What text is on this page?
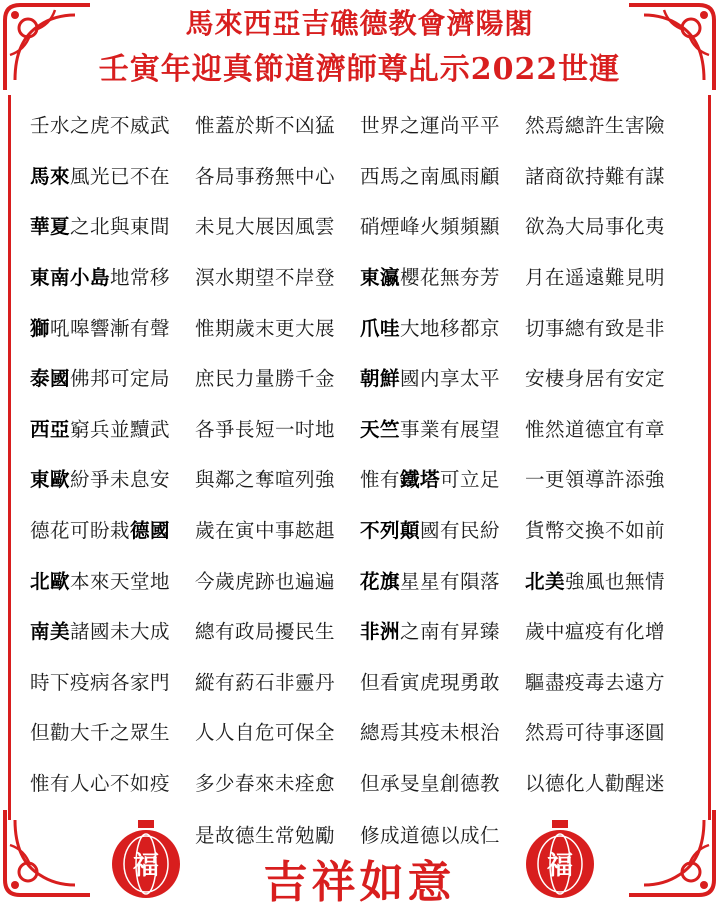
馬來西亞吉礁德教會濟陽閣
壬寅年迎真節道濟師尊乩示2022世運
壬水之虎不威武	惟蓋於斯不凶猛	世界之運尚平平	然焉總許生害險
馬來風光已不在	各局事務無中心	西馬之南風雨顧	諸商欲持難有謀
華夏之北與東間	未見大展因風雲	硝煙峰火頻頻顯	欲為大局事化夷
東南小島地常移	溟水期望不岸登	東瀛櫻花無夯芳	月在遥遠難見明
獅吼嗥響漸有聲	惟期歲末更大展	爪哇大地移都京	切事總有致是非
泰國佛邦可定局	庶民力量勝千金	朝鮮國内享太平	安棲身居有安定
西亞窮兵並黷武	各爭長短一吋地	天竺事業有展望	惟然道德宜有章
東歐紛爭未息安	與鄰之奪喧列強	惟有鐵塔可立足	一更領導許添強
德花可盼栽德國	歲在寅中事趑趄	不列顛國有民紛	貨幣交換不如前
北歐本來天堂地	今歲虎跡也遍遍	花旗星星有隕落	北美強風也無情
南美諸國未大成	總有政局擾民生	非洲之南有昇臻	歲中瘟疫有化增
時下疫病各家門	縱有葯石非靈丹	但看寅虎現勇敢	驅盡疫毒去遠方
但勸大千之眾生	人人自危可保全	總焉其疫未根治	然焉可待事逐圓
惟有人心不如疫	多少春來未痊愈	但承旻皇創德教	以德化人勸醒迷
是故德生常勉勵	修成道德以成仁
福	福
吉祥如意
